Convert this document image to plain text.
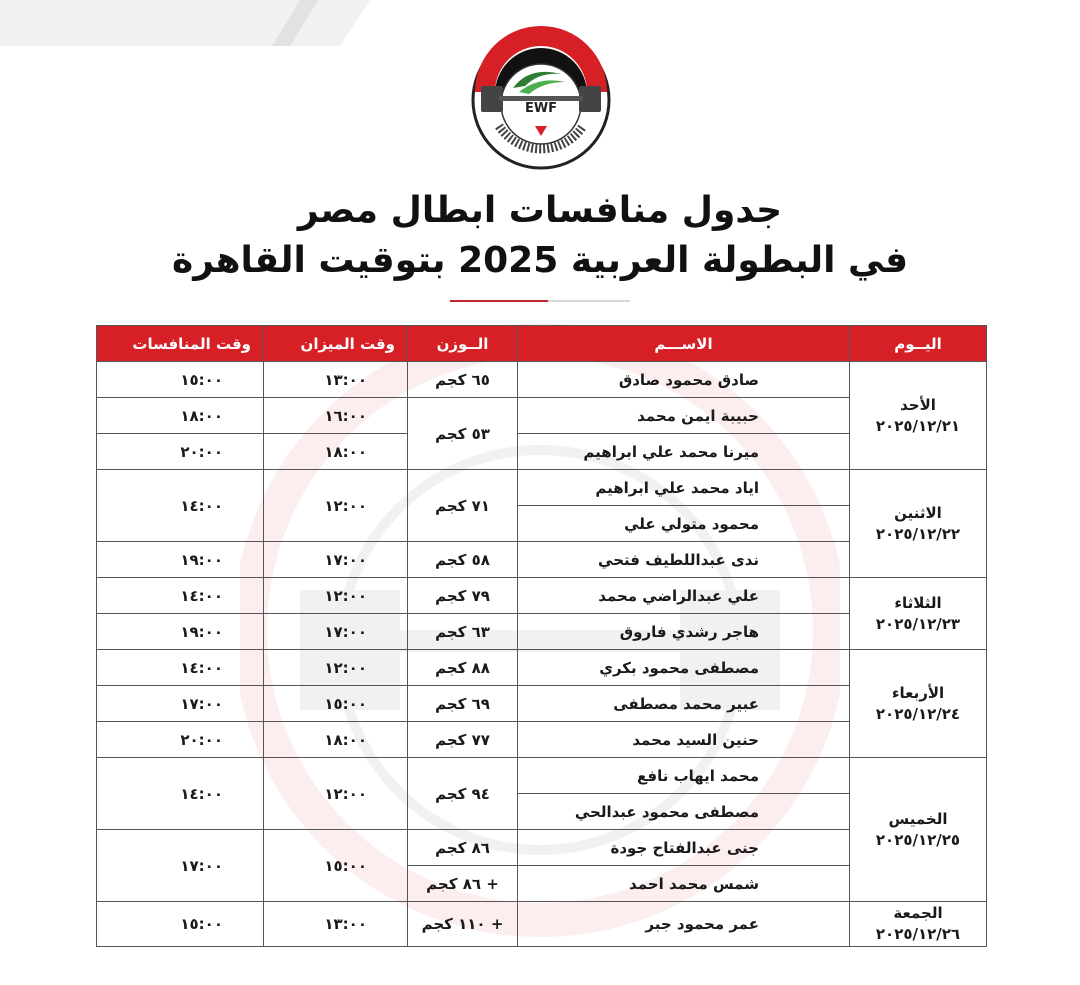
EWF
جدول منافسات ابطال مصر
في البطولة العربية 2025 بتوقيت القاهرة
اليــوم	الاســـم	الــوزن	وقت الميزان	وقت المنافسات

الأحد
٢٠٢٥/١٢/٢١	صادق محمود صادق	٦٥ كجم	١٣:٠٠	١٥:٠٠
	حبيبة ايمن محمد	٥٣ كجم	١٦:٠٠	١٨:٠٠
	ميرنا محمد علي ابراهيم		١٨:٠٠	٢٠:٠٠

الاثنين
٢٠٢٥/١٢/٢٢	اياد محمد علي ابراهيم	٧١ كجم	١٢:٠٠	١٤:٠٠
	محمود متولي علي			
	ندى عبداللطيف فتحي	٥٨ كجم	١٧:٠٠	١٩:٠٠

الثلاثاء
٢٠٢٥/١٢/٢٣	علي عبدالراضي محمد	٧٩ كجم	١٢:٠٠	١٤:٠٠
	هاجر رشدي فاروق	٦٣ كجم	١٧:٠٠	١٩:٠٠

الأربعاء
٢٠٢٥/١٢/٢٤	مصطفى محمود بكري	٨٨ كجم	١٢:٠٠	١٤:٠٠
	عبير محمد مصطفى	٦٩ كجم	١٥:٠٠	١٧:٠٠
	حنين السيد محمد	٧٧ كجم	١٨:٠٠	٢٠:٠٠

الخميس
٢٠٢٥/١٢/٢٥	محمد ايهاب نافع	٩٤ كجم	١٢:٠٠	١٤:٠٠
	مصطفى محمود عبدالحي			
	جنى عبدالفتاح جودة	٨٦ كجم	١٥:٠٠	١٧:٠٠
	شمس محمد احمد	+ ٨٦ كجم		

الجمعة
٢٠٢٥/١٢/٢٦	عمر محمود جبر	+ ١١٠ كجم	١٣:٠٠	١٥:٠٠
